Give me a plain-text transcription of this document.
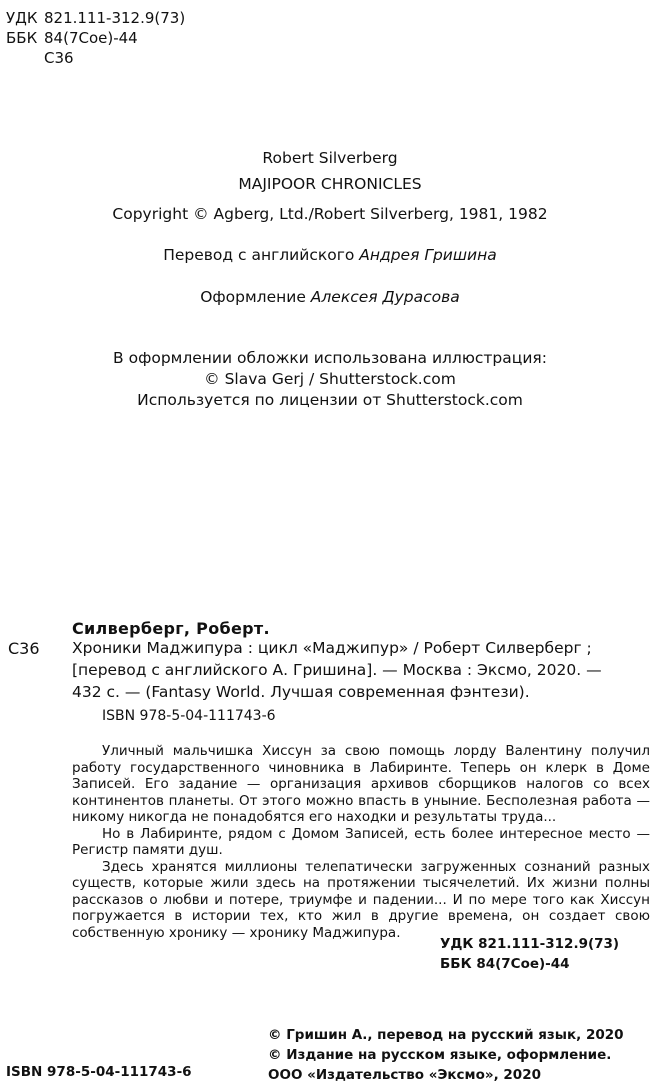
УДК 821.111-312.9(73)
ББК 84(7Сое)-44
С36
Robert Silverberg
MAJIPOOR CHRONICLES
Copyright © Agberg, Ltd./Robert Silverberg, 1981, 1982
Перевод с английского Андрея Гришина
Оформление Алексея Дурасова
В оформлении обложки использована иллюстрация:
© Slava Gerj / Shutterstock.com
Используется по лицензии от Shutterstock.com
Силверберг, Роберт.
С36 Хроники Маджипура : цикл «Маджипур» / Роберт Силверберг ;
[перевод с английского А. Гришина]. — Москва : Эксмо, 2020. —
432 с. — (Fantasy World. Лучшая современная фэнтези).
ISBN 978-5-04-111743-6

Уличный мальчишка Хиссун за свою помощь лорду Валентину получил работу государственного чиновника в Лабиринте. Теперь он клерк в Доме Записей. Его задание — организация архивов сборщиков налогов со всех континентов планеты. От этого можно впасть в уныние. Бесполезная работа — никому никогда не понадобятся его находки и результаты труда...

Но в Лабиринте, рядом с Домом Записей, есть более интересное место — Регистр памяти душ.

Здесь хранятся миллионы телепатически загруженных сознаний разных существ, которые жили здесь на протяжении тысячелетий. Их жизни полны рассказов о любви и потере, триумфе и падении... И по мере того как Хиссун погружается в истории тех, кто жил в другие времена, он создает свою собственную хронику — хронику Маджипура.

УДК 821.111-312.9(73)
ББК 84(7Сое)-44
© Гришин А., перевод на русский язык, 2020
© Издание на русском языке, оформление.
ООО «Издательство «Эксмо», 2020
ISBN 978-5-04-111743-6
